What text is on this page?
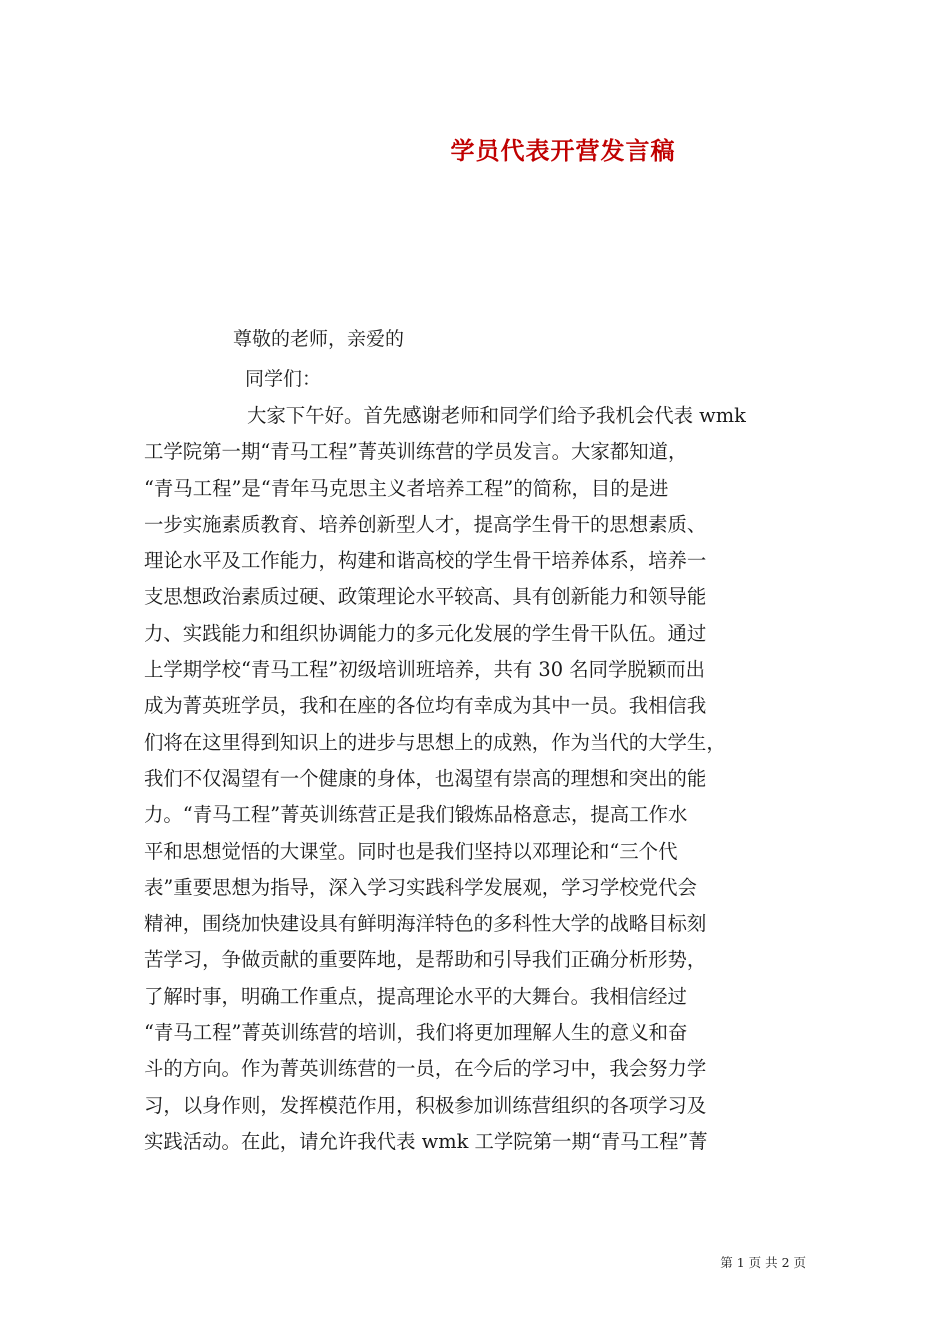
学员代表开营发言稿
尊敬的老师，亲爱的
同学们：
大家下午好。首先感谢老师和同学们给予我机会代表 wmk
工学院第一期“青马工程”菁英训练营的学员发言。大家都知道，
“青马工程”是“青年马克思主义者培养工程”的简称，目的是进
一步实施素质教育、培养创新型人才，提高学生骨干的思想素质、
理论水平及工作能力，构建和谐高校的学生骨干培养体系，培养一
支思想政治素质过硬、政策理论水平较高、具有创新能力和领导能
力、实践能力和组织协调能力的多元化发展的学生骨干队伍。通过
上学期学校“青马工程”初级培训班培养，共有 30 名同学脱颖而出
成为菁英班学员，我和在座的各位均有幸成为其中一员。我相信我
们将在这里得到知识上的进步与思想上的成熟，作为当代的大学生，
我们不仅渴望有一个健康的身体，也渴望有崇高的理想和突出的能
力。“青马工程”菁英训练营正是我们锻炼品格意志，提高工作水
平和思想觉悟的大课堂。同时也是我们坚持以邓理论和“三个代
表”重要思想为指导，深入学习实践科学发展观，学习学校党代会
精神，围绕加快建设具有鲜明海洋特色的多科性大学的战略目标刻
苦学习，争做贡献的重要阵地，是帮助和引导我们正确分析形势，
了解时事，明确工作重点，提高理论水平的大舞台。我相信经过
“青马工程”菁英训练营的培训，我们将更加理解人生的意义和奋
斗的方向。作为菁英训练营的一员，在今后的学习中，我会努力学
习，以身作则，发挥模范作用，积极参加训练营组织的各项学习及
实践活动。在此，请允许我代表 wmk 工学院第一期“青马工程”菁
第 1 页 共 2 页
